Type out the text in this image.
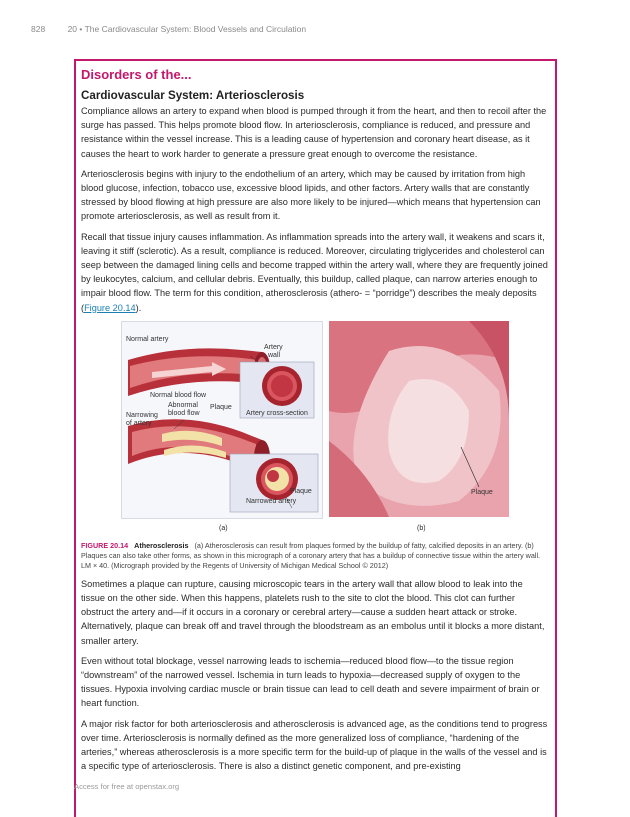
828	20 • The Cardiovascular System: Blood Vessels and Circulation
Disorders of the...
Cardiovascular System: Arteriosclerosis

Compliance allows an artery to expand when blood is pumped through it from the heart, and then to recoil after the surge has passed. This helps promote blood flow. In arteriosclerosis, compliance is reduced, and pressure and resistance within the vessel increase. This is a leading cause of hypertension and coronary heart disease, as it causes the heart to work harder to generate a pressure great enough to overcome the resistance.

Arteriosclerosis begins with injury to the endothelium of an artery, which may be caused by irritation from high blood glucose, infection, tobacco use, excessive blood lipids, and other factors. Artery walls that are constantly stressed by blood flowing at high pressure are also more likely to be injured—which means that hypertension can promote arteriosclerosis, as well as result from it.

Recall that tissue injury causes inflammation. As inflammation spreads into the artery wall, it weakens and scars it, leaving it stiff (sclerotic). As a result, compliance is reduced. Moreover, circulating triglycerides and cholesterol can seep between the damaged lining cells and become trapped within the artery wall, where they are frequently joined by leukocytes, calcium, and cellular debris. Eventually, this buildup, called plaque, can narrow arteries enough to impair blood flow. The term for this condition, atherosclerosis (athero- = “porridge”) describes the mealy deposits (Figure 20.14).

Normal artery
Artery
wall
Normal blood flow
Abnormal
blood flow
Plaque
Narrowing
of artery
Artery cross-section
Plaque
Narrowed artery
Plaque
(a)	(b)
FIGURE 20.14 Atherosclerosis (a) Atherosclerosis can result from plaques formed by the buildup of fatty, calcified deposits in an artery. (b) Plaques can also take other forms, as shown in this micrograph of a coronary artery that has a buildup of connective tissue within the artery wall. LM × 40. (Micrograph provided by the Regents of University of Michigan Medical School © 2012)

Sometimes a plaque can rupture, causing microscopic tears in the artery wall that allow blood to leak into the tissue on the other side. When this happens, platelets rush to the site to clot the blood. This clot can further obstruct the artery and—if it occurs in a coronary or cerebral artery—cause a sudden heart attack or stroke. Alternatively, plaque can break off and travel through the bloodstream as an embolus until it blocks a more distant, smaller artery.

Even without total blockage, vessel narrowing leads to ischemia—reduced blood flow—to the tissue region “downstream” of the narrowed vessel. Ischemia in turn leads to hypoxia—decreased supply of oxygen to the tissues. Hypoxia involving cardiac muscle or brain tissue can lead to cell death and severe impairment of brain or heart function.

A major risk factor for both arteriosclerosis and atherosclerosis is advanced age, as the conditions tend to progress over time. Arteriosclerosis is normally defined as the more generalized loss of compliance, “hardening of the arteries,” whereas atherosclerosis is a more specific term for the build-up of plaque in the walls of the vessel and is a specific type of arteriosclerosis. There is also a distinct genetic component, and pre-existing

Access for free at openstax.org
